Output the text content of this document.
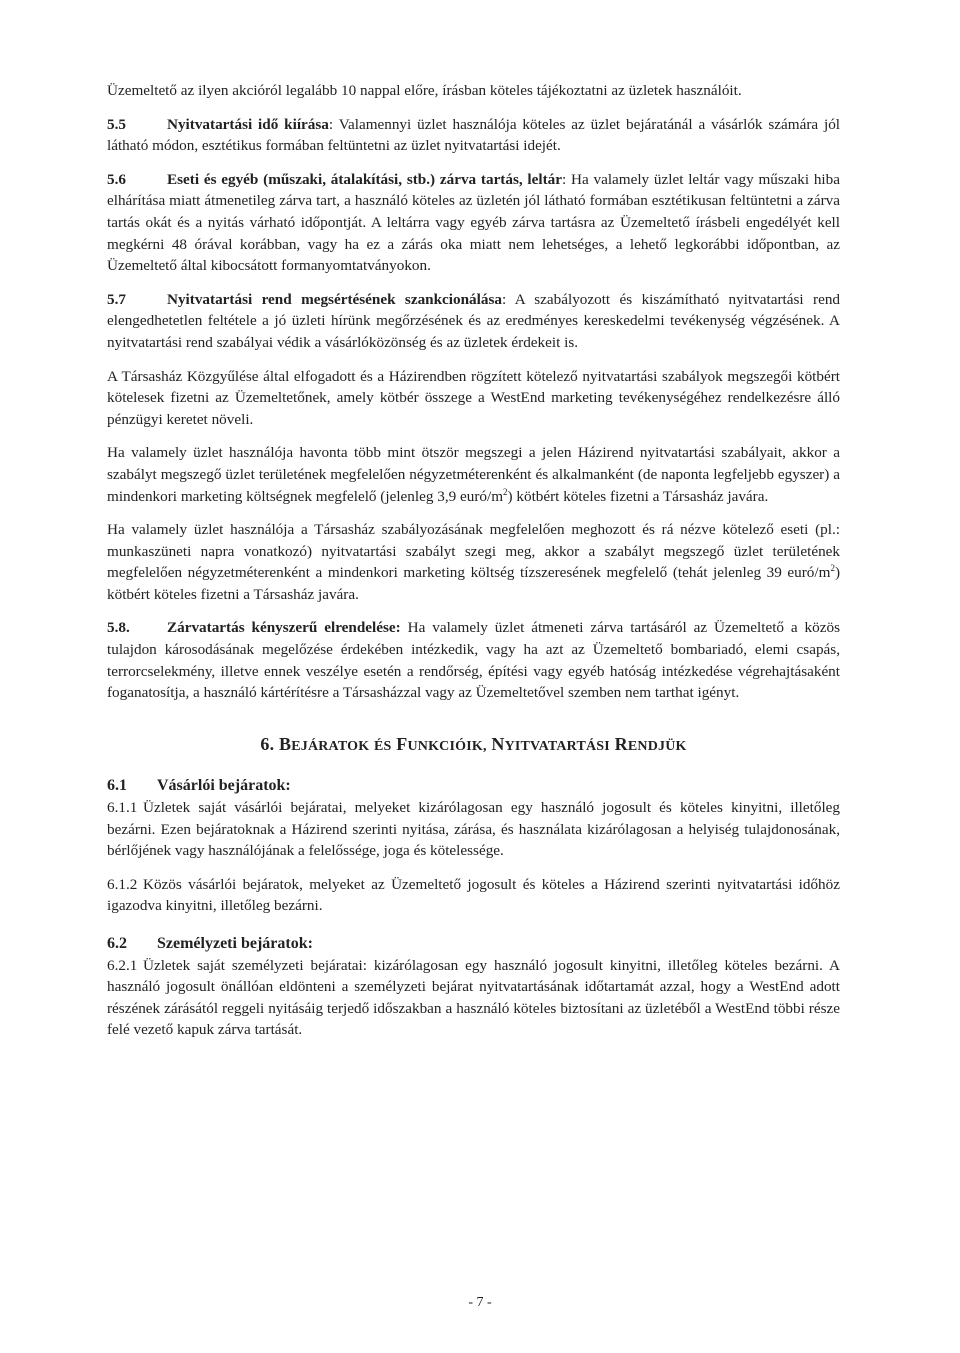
Üzemeltető az ilyen akcióról legalább 10 nappal előre, írásban köteles tájékoztatni az üzletek használóit.

5.5	Nyitvatartási idő kiírása: Valamennyi üzlet használója köteles az üzlet bejáratánál a vásárlók számára jól látható módon, esztétikus formában feltüntetni az üzlet nyitvatartási idejét.

5.6	Eseti és egyéb (műszaki, átalakítási, stb.) zárva tartás, leltár: Ha valamely üzlet leltár vagy műszaki hiba elhárítása miatt átmenetileg zárva tart, a használó köteles az üzletén jól látható formában esztétikusan feltüntetni a zárva tartás okát és a nyitás várható időpontját. A leltárra vagy egyéb zárva tartásra az Üzemeltető írásbeli engedélyét kell megkérni 48 órával korábban, vagy ha ez a zárás oka miatt nem lehetséges, a lehető legkorábbi időpontban, az Üzemeltető által kibocsátott formanyomtatványokon.

5.7	Nyitvatartási rend megsértésének szankcionálása: A szabályozott és kiszámítható nyitvatartási rend elengedhetetlen feltétele a jó üzleti hírünk megőrzésének és az eredményes kereskedelmi tevékenység végzésének. A nyitvatartási rend szabályai védik a vásárlóközönség és az üzletek érdekeit is.

A Társasház Közgyűlése által elfogadott és a Házirendben rögzített kötelező nyitvatartási szabályok megszegői kötbért kötelesek fizetni az Üzemeltetőnek, amely kötbér összege a WestEnd marketing tevékenységéhez rendelkezésre álló pénzügyi keretet növeli.

Ha valamely üzlet használója havonta több mint ötször megszegi a jelen Házirend nyitvatartási szabályait, akkor a szabályt megszegő üzlet területének megfelelően négyzetméterenként és alkalmanként (de naponta legfeljebb egyszer) a mindenkori marketing költségnek megfelelő (jelenleg 3,9 euró/$m^2$) kötbért köteles fizetni a Társasház javára.

Ha valamely üzlet használója a Társasház szabályozásának megfelelően meghozott és rá nézve kötelező eseti (pl.: munkaszüneti napra vonatkozó) nyitvatartási szabályt szegi meg, akkor a szabályt megszegő üzlet területének megfelelően négyzetméterenként a mindenkori marketing költség tízszeresének megfelelő (tehát jelenleg 39 euró/$m^2$) kötbért köteles fizetni a Társasház javára.

5.8. Zárvatartás kényszerű elrendelése: Ha valamely üzlet átmeneti zárva tartásáról az Üzemeltető a közös tulajdon károsodásának megelőzése érdekében intézkedik, vagy ha azt az Üzemeltető bombariadó, elemi csapás, terrorcselekmény, illetve ennek veszélye esetén a rendőrség, építési vagy egyéb hatóság intézkedése végrehajtásaként foganatosítja, a használó kártérítésre a Társasházzal vagy az Üzemeltetővel szemben nem tarthat igényt.

6. BEJÁRATOK ÉS FUNKCIÓIK, NYITVATARTÁSI RENDJÜK
6.1 Vásárlói bejáratok:

6.1.1 Üzletek saját vásárlói bejáratai, melyeket kizárólagosan egy használó jogosult és köteles kinyitni, illetőleg bezárni. Ezen bejáratoknak a Házirend szerinti nyitása, zárása, és használata kizárólagosan a helyiség tulajdonosának, bérlőjének vagy használójának a felelőssége, joga és kötelessége.

6.1.2 Közös vásárlói bejáratok, melyeket az Üzemeltető jogosult és köteles a Házirend szerinti nyitvatartási időhöz igazodva kinyitni, illetőleg bezárni.

6.2 Személyzeti bejáratok:

6.2.1 Üzletek saját személyzeti bejáratai: kizárólagosan egy használó jogosult kinyitni, illetőleg köteles bezárni. A használó jogosult önállóan eldönteni a személyzeti bejárat nyitvatartásának időtartamát azzal, hogy a WestEnd adott részének zárásától reggeli nyitásáig terjedő időszakban a használó köteles biztosítani az üzletéből a WestEnd többi része felé vezető kapuk zárva tartását.

- 7 -
